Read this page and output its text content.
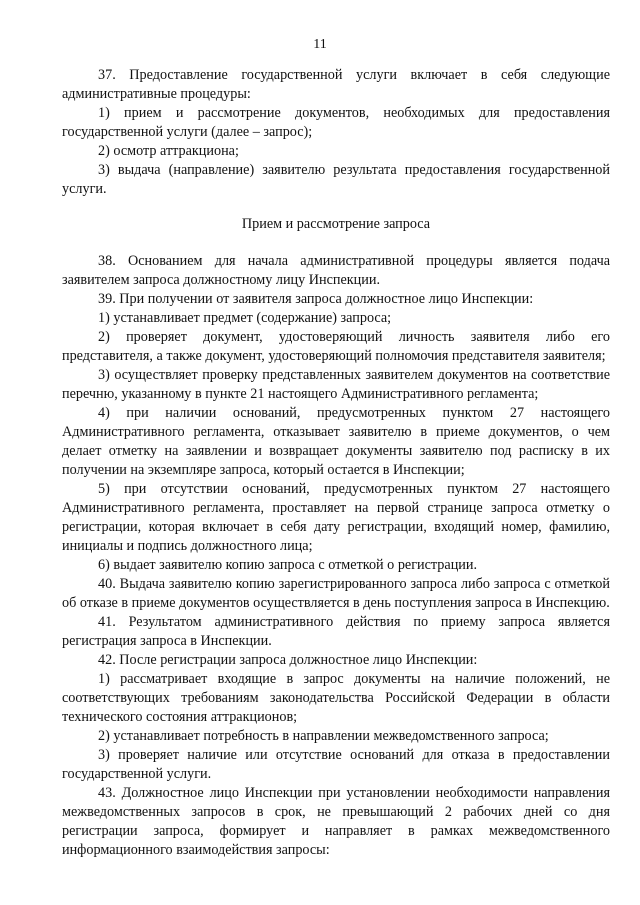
11

37. Предоставление государственной услуги включает в себя следующие административные процедуры:

1) прием и рассмотрение документов, необходимых для предоставления государственной услуги (далее – запрос);

2) осмотр аттракциона;

3) выдача (направление) заявителю результата предоставления государственной услуги.

Прием и рассмотрение запроса

38. Основанием для начала административной процедуры является подача заявителем запроса должностному лицу Инспекции.

39. При получении от заявителя запроса должностное лицо Инспекции:

1) устанавливает предмет (содержание) запроса;

2) проверяет документ, удостоверяющий личность заявителя либо его представителя, а также документ, удостоверяющий полномочия представителя заявителя;

3) осуществляет проверку представленных заявителем документов на соответствие перечню, указанному в пункте 21 настоящего Административного регламента;

4) при наличии оснований, предусмотренных пунктом 27 настоящего Административного регламента, отказывает заявителю в приеме документов, о чем делает отметку на заявлении и возвращает документы заявителю под расписку в их получении на экземпляре запроса, который остается в Инспекции;

5) при отсутствии оснований, предусмотренных пунктом 27 настоящего Административного регламента, проставляет на первой странице запроса отметку о регистрации, которая включает в себя дату регистрации, входящий номер, фамилию, инициалы и подпись должностного лица;

6) выдает заявителю копию запроса с отметкой о регистрации.

40. Выдача заявителю копию зарегистрированного запроса либо запроса с отметкой об отказе в приеме документов осуществляется в день поступления запроса в Инспекцию.

41. Результатом административного действия по приему запроса является регистрация запроса в Инспекции.

42. После регистрации запроса должностное лицо Инспекции:

1) рассматривает входящие в запрос документы на наличие положений, не соответствующих требованиям законодательства Российской Федерации в области технического состояния аттракционов;

2) устанавливает потребность в направлении межведомственного запроса;

3) проверяет наличие или отсутствие оснований для отказа в предоставлении государственной услуги.

43. Должностное лицо Инспекции при установлении необходимости направления межведомственных запросов в срок, не превышающий 2 рабочих дней со дня регистрации запроса, формирует и направляет в рамках межведомственного информационного взаимодействия запросы:
